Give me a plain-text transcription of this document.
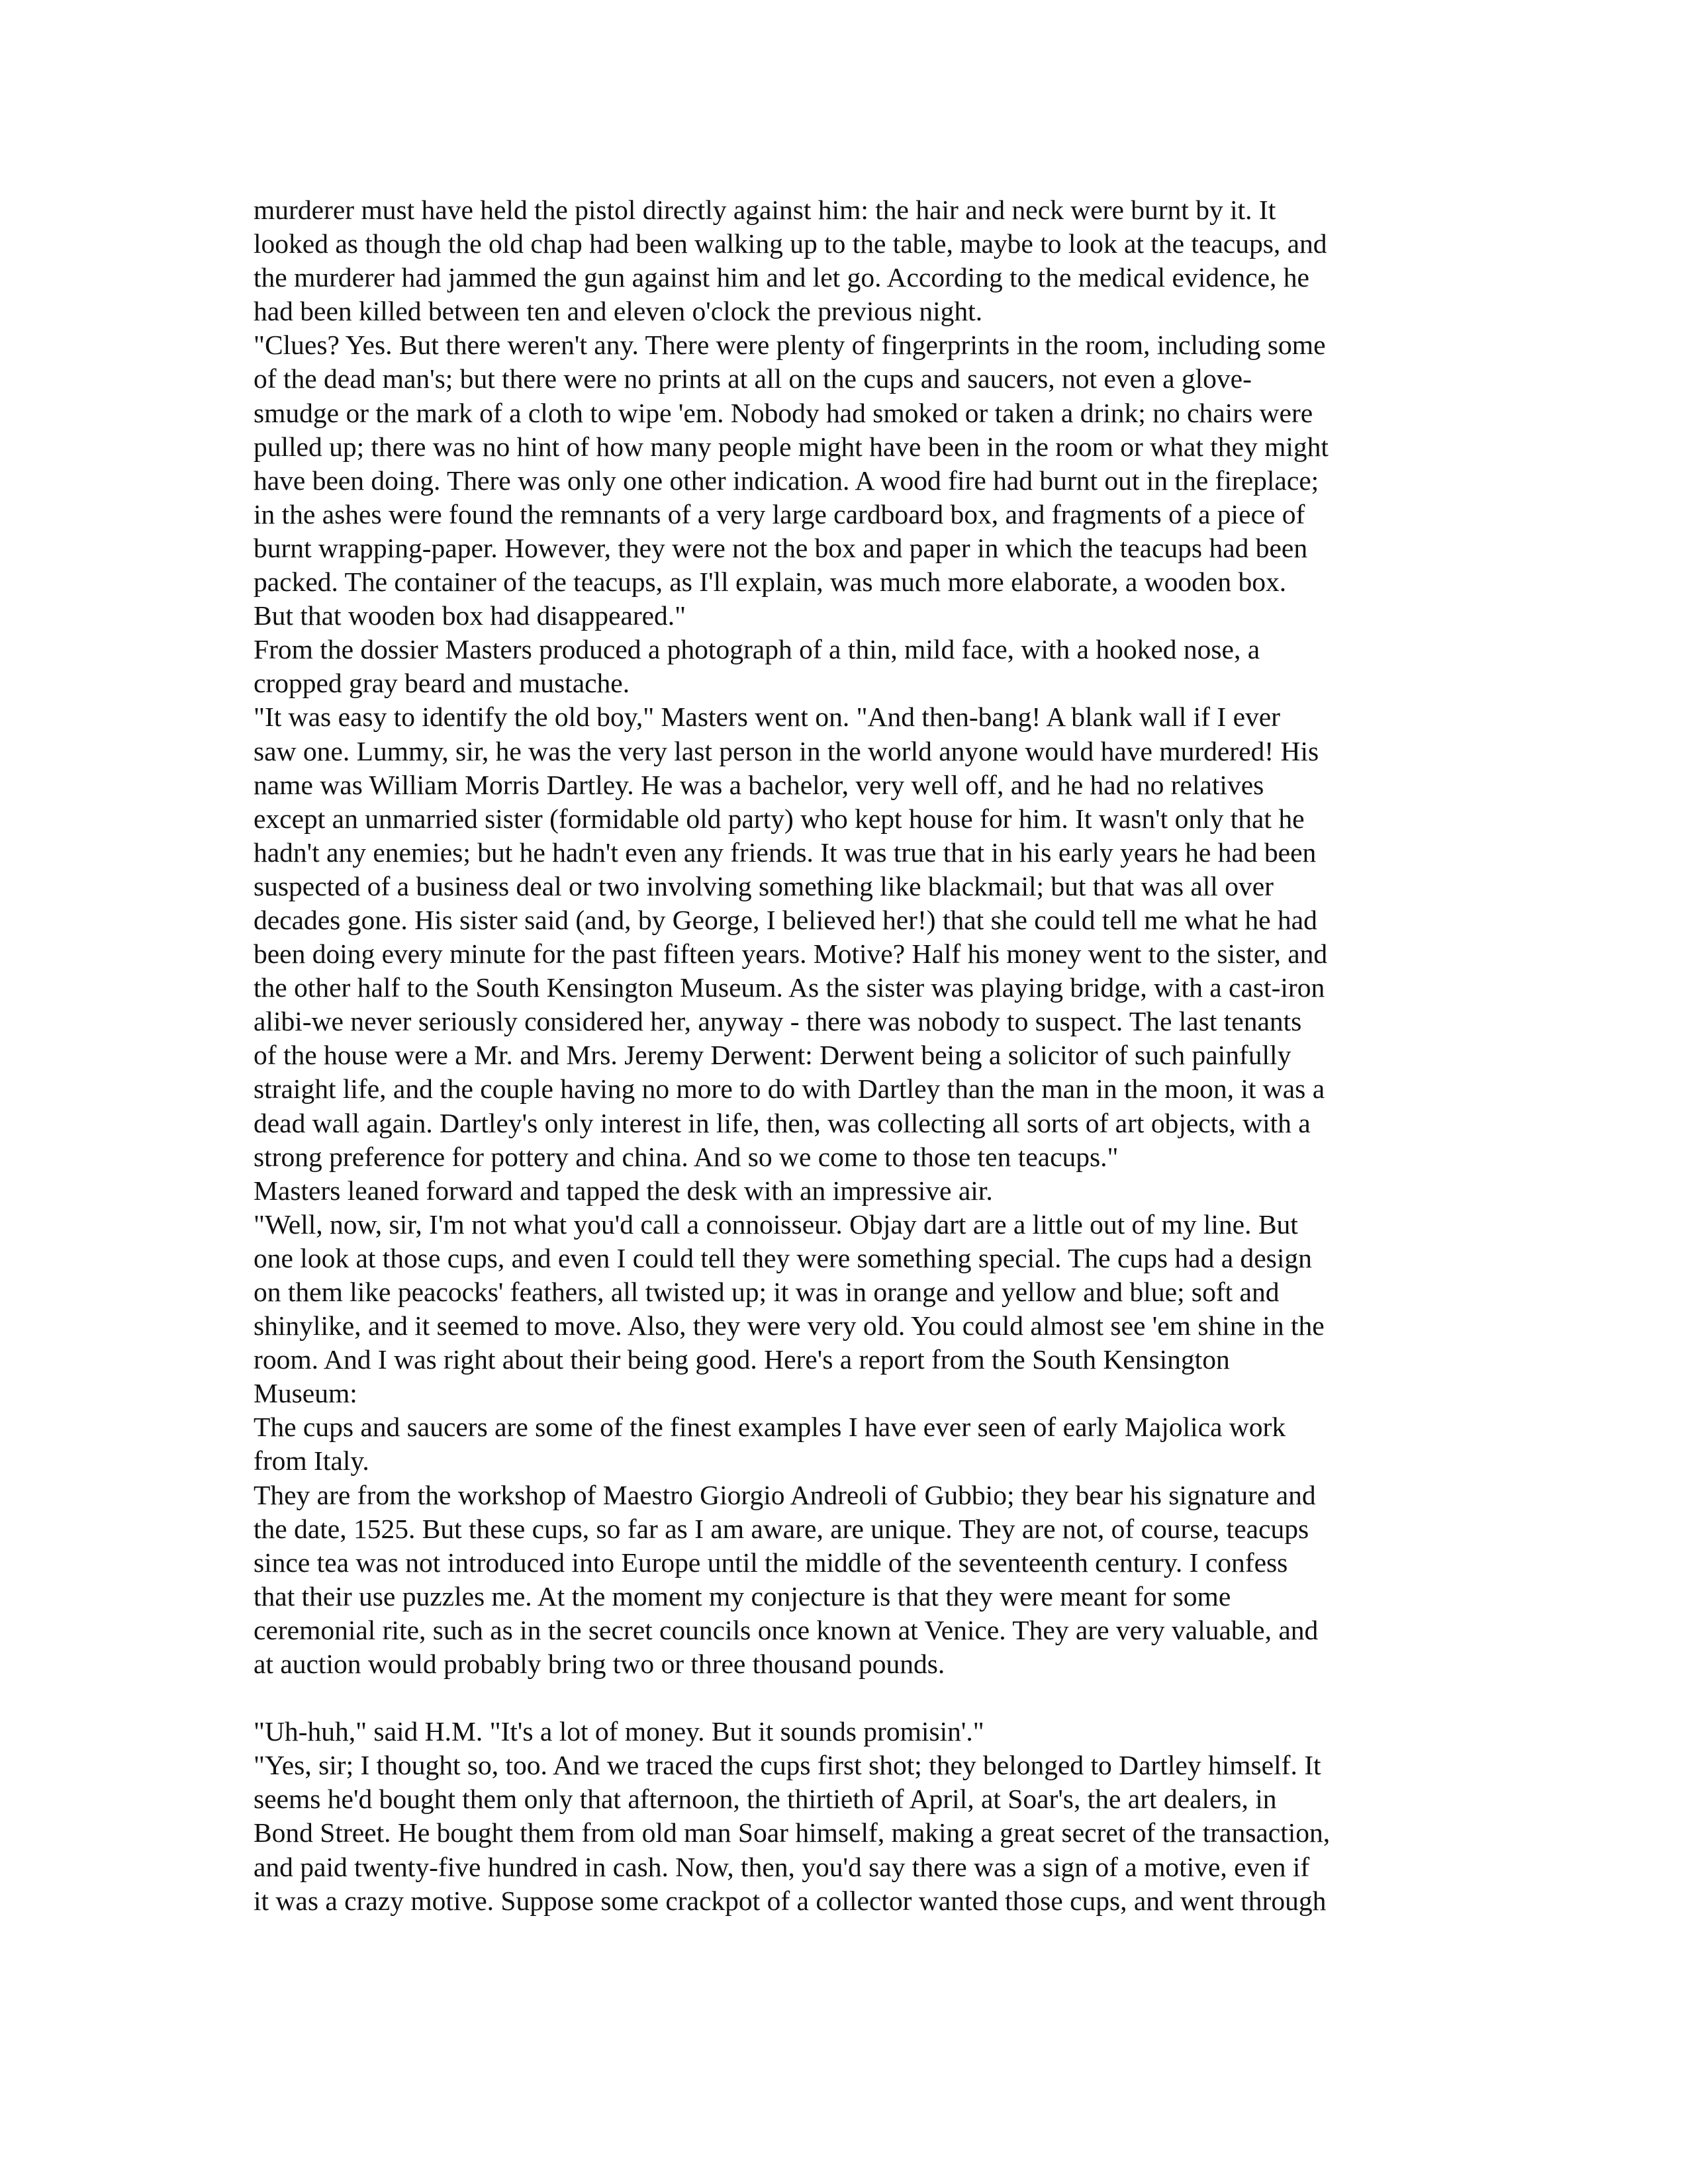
murderer must have held the pistol directly against him: the hair and neck were burnt by it. It
looked as though the old chap had been walking up to the table, maybe to look at the teacups, and
the murderer had jammed the gun against him and let go. According to the medical evidence, he
had been killed between ten and eleven o'clock the previous night.

"Clues? Yes. But there weren't any. There were plenty of fingerprints in the room, including some
of the dead man's; but there were no prints at all on the cups and saucers, not even a glove-
smudge or the mark of a cloth to wipe 'em. Nobody had smoked or taken a drink; no chairs were
pulled up; there was no hint of how many people might have been in the room or what they might
have been doing. There was only one other indication. A wood fire had burnt out in the fireplace;
in the ashes were found the remnants of a very large cardboard box, and fragments of a piece of
burnt wrapping-paper. However, they were not the box and paper in which the teacups had been
packed. The container of the teacups, as I'll explain, was much more elaborate, a wooden box.
But that wooden box had disappeared."

From the dossier Masters produced a photograph of a thin, mild face, with a hooked nose, a
cropped gray beard and mustache.

"It was easy to identify the old boy," Masters went on. "And then-bang! A blank wall if I ever
saw one. Lummy, sir, he was the very last person in the world anyone would have murdered! His
name was William Morris Dartley. He was a bachelor, very well off, and he had no relatives
except an unmarried sister (formidable old party) who kept house for him. It wasn't only that he
hadn't any enemies; but he hadn't even any friends. It was true that in his early years he had been
suspected of a business deal or two involving something like blackmail; but that was all over
decades gone. His sister said (and, by George, I believed her!) that she could tell me what he had
been doing every minute for the past fifteen years. Motive? Half his money went to the sister, and
the other half to the South Kensington Museum. As the sister was playing bridge, with a cast-iron
alibi-we never seriously considered her, anyway - there was nobody to suspect. The last tenants
of the house were a Mr. and Mrs. Jeremy Derwent: Derwent being a solicitor of such painfully
straight life, and the couple having no more to do with Dartley than the man in the moon, it was a
dead wall again. Dartley's only interest in life, then, was collecting all sorts of art objects, with a
strong preference for pottery and china. And so we come to those ten teacups."

Masters leaned forward and tapped the desk with an impressive air.

"Well, now, sir, I'm not what you'd call a connoisseur. Objay dart are a little out of my line. But
one look at those cups, and even I could tell they were something special. The cups had a design
on them like peacocks' feathers, all twisted up; it was in orange and yellow and blue; soft and
shinylike, and it seemed to move. Also, they were very old. You could almost see 'em shine in the
room. And I was right about their being good. Here's a report from the South Kensington
Museum:

The cups and saucers are some of the finest examples I have ever seen of early Majolica work
from Italy.

They are from the workshop of Maestro Giorgio Andreoli of Gubbio; they bear his signature and
the date, 1525. But these cups, so far as I am aware, are unique. They are not, of course, teacups
since tea was not introduced into Europe until the middle of the seventeenth century. I confess
that their use puzzles me. At the moment my conjecture is that they were meant for some
ceremonial rite, such as in the secret councils once known at Venice. They are very valuable, and
at auction would probably bring two or three thousand pounds.

"Uh-huh," said H.M. "It's a lot of money. But it sounds promisin'."

"Yes, sir; I thought so, too. And we traced the cups first shot; they belonged to Dartley himself. It
seems he'd bought them only that afternoon, the thirtieth of April, at Soar's, the art dealers, in
Bond Street. He bought them from old man Soar himself, making a great secret of the transaction,
and paid twenty-five hundred in cash. Now, then, you'd say there was a sign of a motive, even if
it was a crazy motive. Suppose some crackpot of a collector wanted those cups, and went through
